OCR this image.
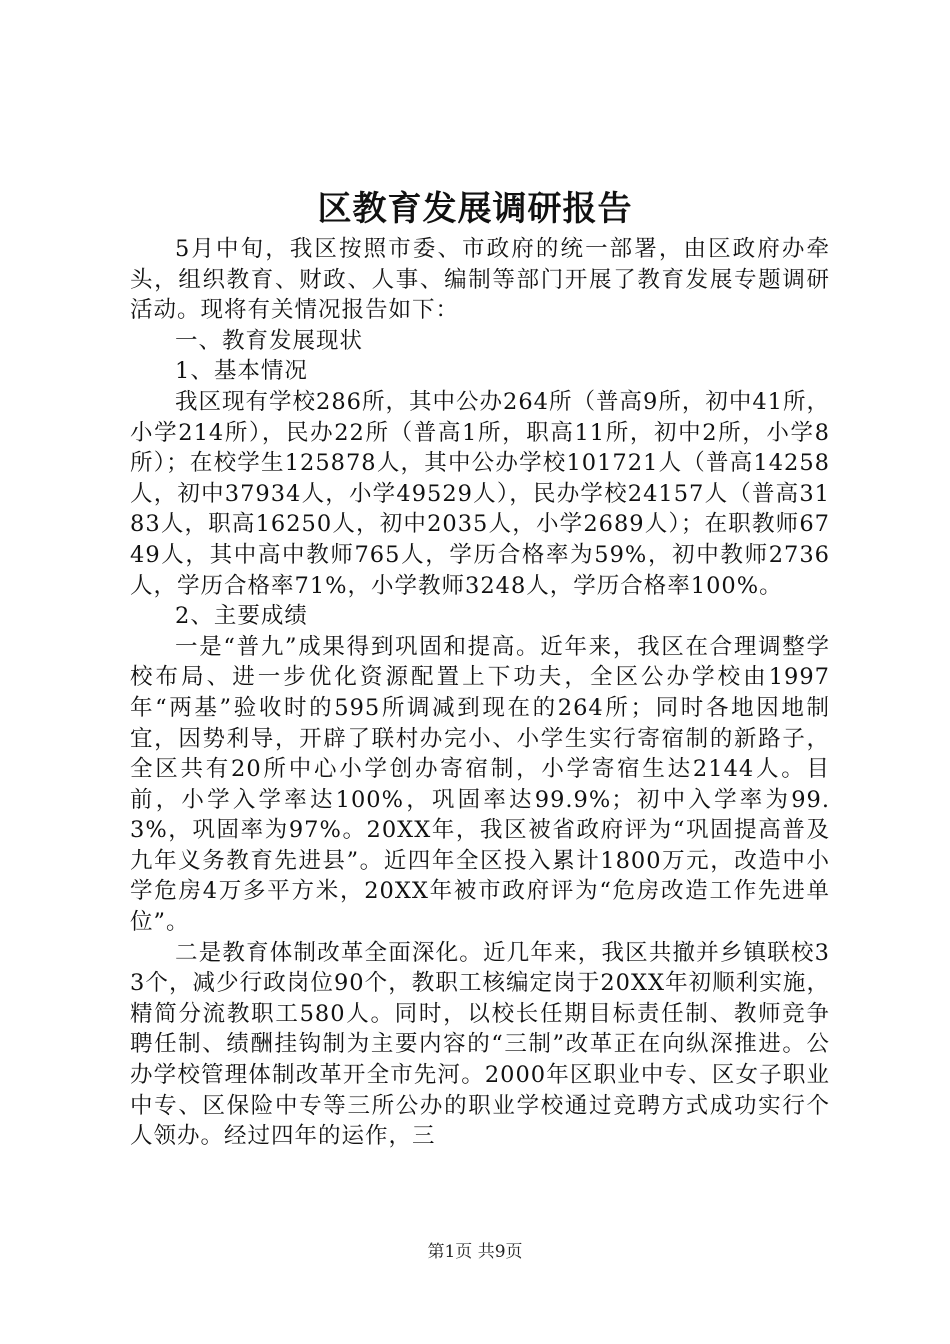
区教育发展调研报告

5月中旬，我区按照市委、市政府的统一部署，由区政府办牵头，组织教育、财政、人事、编制等部门开展了教育发展专题调研活动。现将有关情况报告如下：

一、教育发展现状

1、基本情况

我区现有学校286所，其中公办264所（普高9所，初中41所，小学214所），民办22所（普高1所，职高11所，初中2所，小学8所）；在校学生125878人，其中公办学校101721人（普高14258人，初中37934人，小学49529人），民办学校24157人（普高3183人，职高16250人，初中2035人，小学2689人）；在职教师6749人，其中高中教师765人，学历合格率为59%，初中教师2736人，学历合格率71%，小学教师3248人，学历合格率100%。

2、主要成绩

一是“普九”成果得到巩固和提高。近年来，我区在合理调整学校布局、进一步优化资源配置上下功夫，全区公办学校由1997年“两基”验收时的595所调减到现在的264所；同时各地因地制宜，因势利导，开辟了联村办完小、小学生实行寄宿制的新路子，全区共有20所中心小学创办寄宿制，小学寄宿生达2144人。目前，小学入学率达100%，巩固率达99.9%；初中入学率为99.3%，巩固率为97%。20XX年，我区被省政府评为“巩固提高普及九年义务教育先进县”。近四年全区投入累计1800万元，改造中小学危房4万多平方米，20XX年被市政府评为“危房改造工作先进单位”。

二是教育体制改革全面深化。近几年来，我区共撤并乡镇联校33个，减少行政岗位90个，教职工核编定岗于20XX年初顺利实施，精简分流教职工580人。同时，以校长任期目标责任制、教师竞争聘任制、绩酬挂钩制为主要内容的“三制”改革正在向纵深推进。公办学校管理体制改革开全市先河。2000年区职业中专、区女子职业中专、区保险中专等三所公办的职业学校通过竞聘方式成功实行个人领办。经过四年的运作，三

第1页 共9页
